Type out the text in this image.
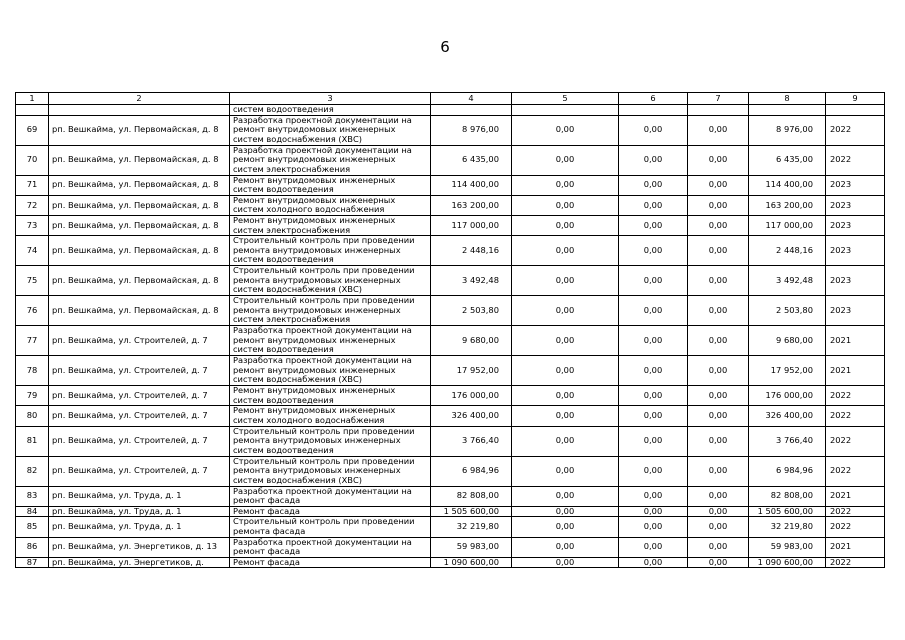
6
1	2	3	4	5	6	7	8	9
		систем водоотведения						
69	рп. Вешкайма, ул. Первомайская, д. 8	Разработка проектной документации на ремонт внутридомовых инженерных систем водоснабжения (ХВС)	8 976,00	0,00	0,00	0,00	8 976,00	2022
70	рп. Вешкайма, ул. Первомайская, д. 8	Разработка проектной документации на ремонт внутридомовых инженерных систем электроснабжения	6 435,00	0,00	0,00	0,00	6 435,00	2022
71	рп. Вешкайма, ул. Первомайская, д. 8	Ремонт внутридомовых инженерных систем водоотведения	114 400,00	0,00	0,00	0,00	114 400,00	2023
72	рп. Вешкайма, ул. Первомайская, д. 8	Ремонт внутридомовых инженерных систем холодного водоснабжения	163 200,00	0,00	0,00	0,00	163 200,00	2023
73	рп. Вешкайма, ул. Первомайская, д. 8	Ремонт внутридомовых инженерных систем электроснабжения	117 000,00	0,00	0,00	0,00	117 000,00	2023
74	рп. Вешкайма, ул. Первомайская, д. 8	Строительный контроль при проведении ремонта внутридомовых инженерных систем водоотведения	2 448,16	0,00	0,00	0,00	2 448,16	2023
75	рп. Вешкайма, ул. Первомайская, д. 8	Строительный контроль при проведении ремонта внутридомовых инженерных систем водоснабжения (ХВС)	3 492,48	0,00	0,00	0,00	3 492,48	2023
76	рп. Вешкайма, ул. Первомайская, д. 8	Строительный контроль при проведении ремонта внутридомовых инженерных систем электроснабжения	2 503,80	0,00	0,00	0,00	2 503,80	2023
77	рп. Вешкайма, ул. Строителей, д. 7	Разработка проектной документации на ремонт внутридомовых инженерных систем водоотведения	9 680,00	0,00	0,00	0,00	9 680,00	2021
78	рп. Вешкайма, ул. Строителей, д. 7	Разработка проектной документации на ремонт внутридомовых инженерных систем водоснабжения (ХВС)	17 952,00	0,00	0,00	0,00	17 952,00	2021
79	рп. Вешкайма, ул. Строителей, д. 7	Ремонт внутридомовых инженерных систем водоотведения	176 000,00	0,00	0,00	0,00	176 000,00	2022
80	рп. Вешкайма, ул. Строителей, д. 7	Ремонт внутридомовых инженерных систем холодного водоснабжения	326 400,00	0,00	0,00	0,00	326 400,00	2022
81	рп. Вешкайма, ул. Строителей, д. 7	Строительный контроль при проведении ремонта внутридомовых инженерных систем водоотведения	3 766,40	0,00	0,00	0,00	3 766,40	2022
82	рп. Вешкайма, ул. Строителей, д. 7	Строительный контроль при проведении ремонта внутридомовых инженерных систем водоснабжения (ХВС)	6 984,96	0,00	0,00	0,00	6 984,96	2022
83	рп. Вешкайма, ул. Труда, д. 1	Разработка проектной документации на ремонт фасада	82 808,00	0,00	0,00	0,00	82 808,00	2021
84	рп. Вешкайма, ул. Труда, д. 1	Ремонт фасада	1 505 600,00	0,00	0,00	0,00	1 505 600,00	2022
85	рп. Вешкайма, ул. Труда, д. 1	Строительный контроль при проведении ремонта фасада	32 219,80	0,00	0,00	0,00	32 219,80	2022
86	рп. Вешкайма, ул. Энергетиков, д. 13	Разработка проектной документации на ремонт фасада	59 983,00	0,00	0,00	0,00	59 983,00	2021
87	рп. Вешкайма, ул. Энергетиков, д.	Ремонт фасада	1 090 600,00	0,00	0,00	0,00	1 090 600,00	2022
